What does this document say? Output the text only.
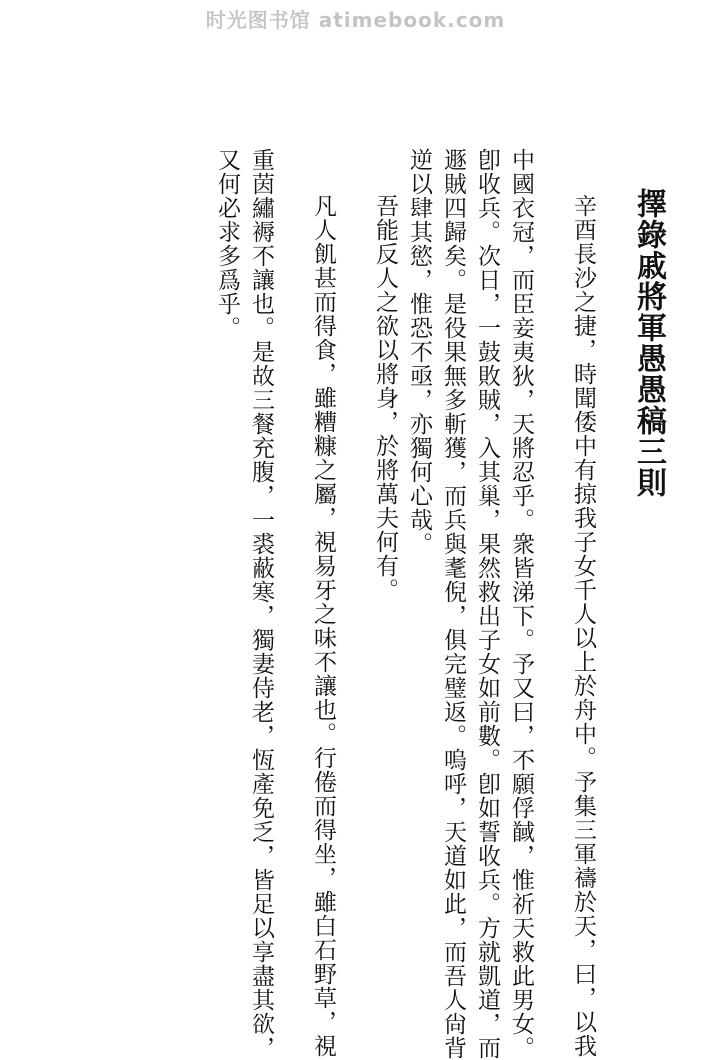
时光图书馆 atimebook.com
擇錄戚將軍愚愚稿三則
辛酉長沙之捷，時聞倭中有掠我子女千人以上於舟中。予集三軍禱於天，曰，以我
中國衣冠，而臣妾夷狄，天將忍乎。衆皆涕下。予又曰，不願俘馘，惟祈天救此男女。
卽收兵。次日，一鼓敗賊，入其巢，果然救出子女如前數。卽如誓收兵。方就凱道，而
遯賊四歸矣。是役果無多斬獲，而兵與耄倪，俱完璧返。嗚呼，天道如此，而吾人尙背
逆以肆其慾，惟恐不亟，亦獨何心哉。
吾能反人之欲以將身，於將萬夫何有。
凡人飢甚而得食，雖糟糠之屬，視易牙之味不讓也。行倦而得坐，雖白石野草，視
重茵繡褥不讓也。是故三餐充腹，一裘蔽寒，獨妻侍老，恆產免乏，皆足以享盡其欲，
又何必求多爲乎。
